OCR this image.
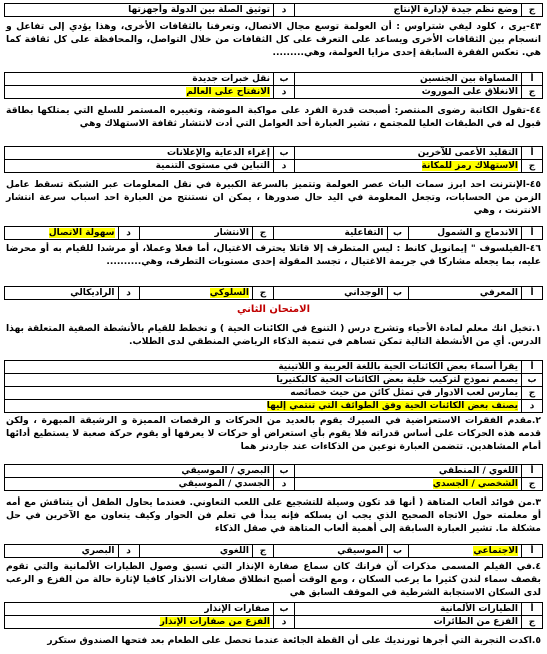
ج	وضع نظم جيدة لإدارة الإنتاج	د	توثيق الصلة بين الدولة وأجهزتها
٤٣-يرى ، كلود ليفي شتراوس : أن العولمة توسع مجال الاتصال، وتعرفنا بالثقافات الأخرى، وهذا يؤدي إلى تفاعل و انسجام بين الثقافات الأخرى ويساعد على التعرف على كل الثقافات من خلال التواصل، والمحافظة على كل ثقافة كما هي. تعكس الفقرة السابقة إحدى مزايا العولمة، وهي.........
أ	المساواة بين الجنسين	ب	نقل خبرات جديدة
ج	الانغلاق على الموروث	د	الانفتاح على العالم
٤٤-تقول الكاتبة رضوى المنتصر: أصبحت قدرة الفرد على مواكبة الموضة، وتغييره المستمر للسلع التي يمتلكها بطاقة قبول له في الطبقات العليا للمجتمع ، تشير العبارة أحد العوامل التي أدت لانتشار ثقافة الاستهلاك وهي
أ	التقليد الأعمى للآخرين	ب	إغراء الدعاية والإعلانات
ج	الاستهلاك رمز للمكانة	د	التباين في مستوى التنمية
٤٥-الإنترنت احد ابرز سمات الباث عصر العولمة وتتميز بالسرعة الكبيرة في نقل المعلومات عبر الشبكة تسقط عامل الزمن من الحسابات، وتجعل المعلومة في اليد حال صدورها ، يمكن ان نستنتج من العبارة احد اسباب سرعة انتشار الانترنت ، وهي
أ	الاندماج و الشمول	ب	التفاعلية	ج	الانتشار	د	سهولة الاتصال
٤٦-الفيلسوف " إيمانويل كانط : ليس المتطرف إلا قاتلا يحترف الاغتيال، أما فعلا وعملا، أو مرشدا للقيام به أو محرضا عليه، بما يجعله مشاركا في جريمة الاغتيال ، تجسد المقولة إحدى مستويات التطرف، وهي..........
أ	المعرفي	ب	الوجداني	ج	السلوكي	د	الراديكالي
الامتحان الثاني
١.تخيل انك معلم لمادة الأحياء وتشرح درس ( التنوع في الكائنات الحية ) و تخطط للقيام بالأنشطة الصفية المتعلقة بهذا الدرس. أي من الأنشطة التالية تمكن تساهم في تنمية الذكاء الرياضي المنطقي لدى الطلاب.
أ	يقرأ أسماء بعض الكائنات الحية باللغة العربية و اللاتينية
ب	يصمم نموذج لتركيب خلية بعض الكائنات الحية كالبكتيريا
ج	يمارس لعب الادوار في تمثل كائن من حيث خصائصه
د	يصنف بعض الكائنات الحية وفق الطوائف التي تنتمي إليها
٢.مقدم الفقرات الاستعراضية في السيرك يقوم بالعديد من الحركات و الرقصات المميزة و الرشيقة المبهرة ، ولكن قدمه هذه الحركات على أساس قدراته فلا يقوم بأي استعراض أو حركات لا يعرفها أو يقوم حركة صعبة لا يستطيع أدائها أمام المشاهدين. تتضمن العبارة نوعين من الذكاءات عند جاردنر هما
أ	اللغوي / المنطقي	ب	البصري / الموسيقي
ج	الشخصي / الجسدي	د	الجسدي / الموسيقي
٣.من فوائد ألعاب المتاهة ( أنها قد تكون وسيلة للتشجيع على اللعب التعاوني. فعندما يحاول الطفل أن يتناقش مع أمه أو معلمته حول الاتجاه الصحيح الذي يجب ان يسلكه فإنه يبدأ في تعلم فن الحوار وكيف يتعاون مع الآخرين في حل مشكلة ما. تشير العبارة السابقة إلى أهمية ألعاب المتاهة في صقل الذكاء
أ	الاجتماعي	ب	الموسيقي	ج	اللغوي	د	البصري
٤.في الفيلم المسمى مذكرات آن فرانك كان سماع صفارة الإنذار التي تسبق وصول الطيارات الألمانية والتي تقوم بقصف سماء لندن كثيرا ما يرعب السكان ، ومع الوقت أصبح انطلاق صفارات الانذار كافيا لإثارة حالة من الفزع و الرعب لدى السكان الاستجابة الشرطية في الموقف السابق هي
أ	الطيارات الألمانية	ب	صفارات الإنذار
ج	الفزع من الطائرات	د	الفزع من صفارات الإنذار
٥.اكدت التجربة التي أجرها ثورنديك على أن القطة الجائعة عندما تحصل على الطعام بعد فتحها الصندوق ستكرر
